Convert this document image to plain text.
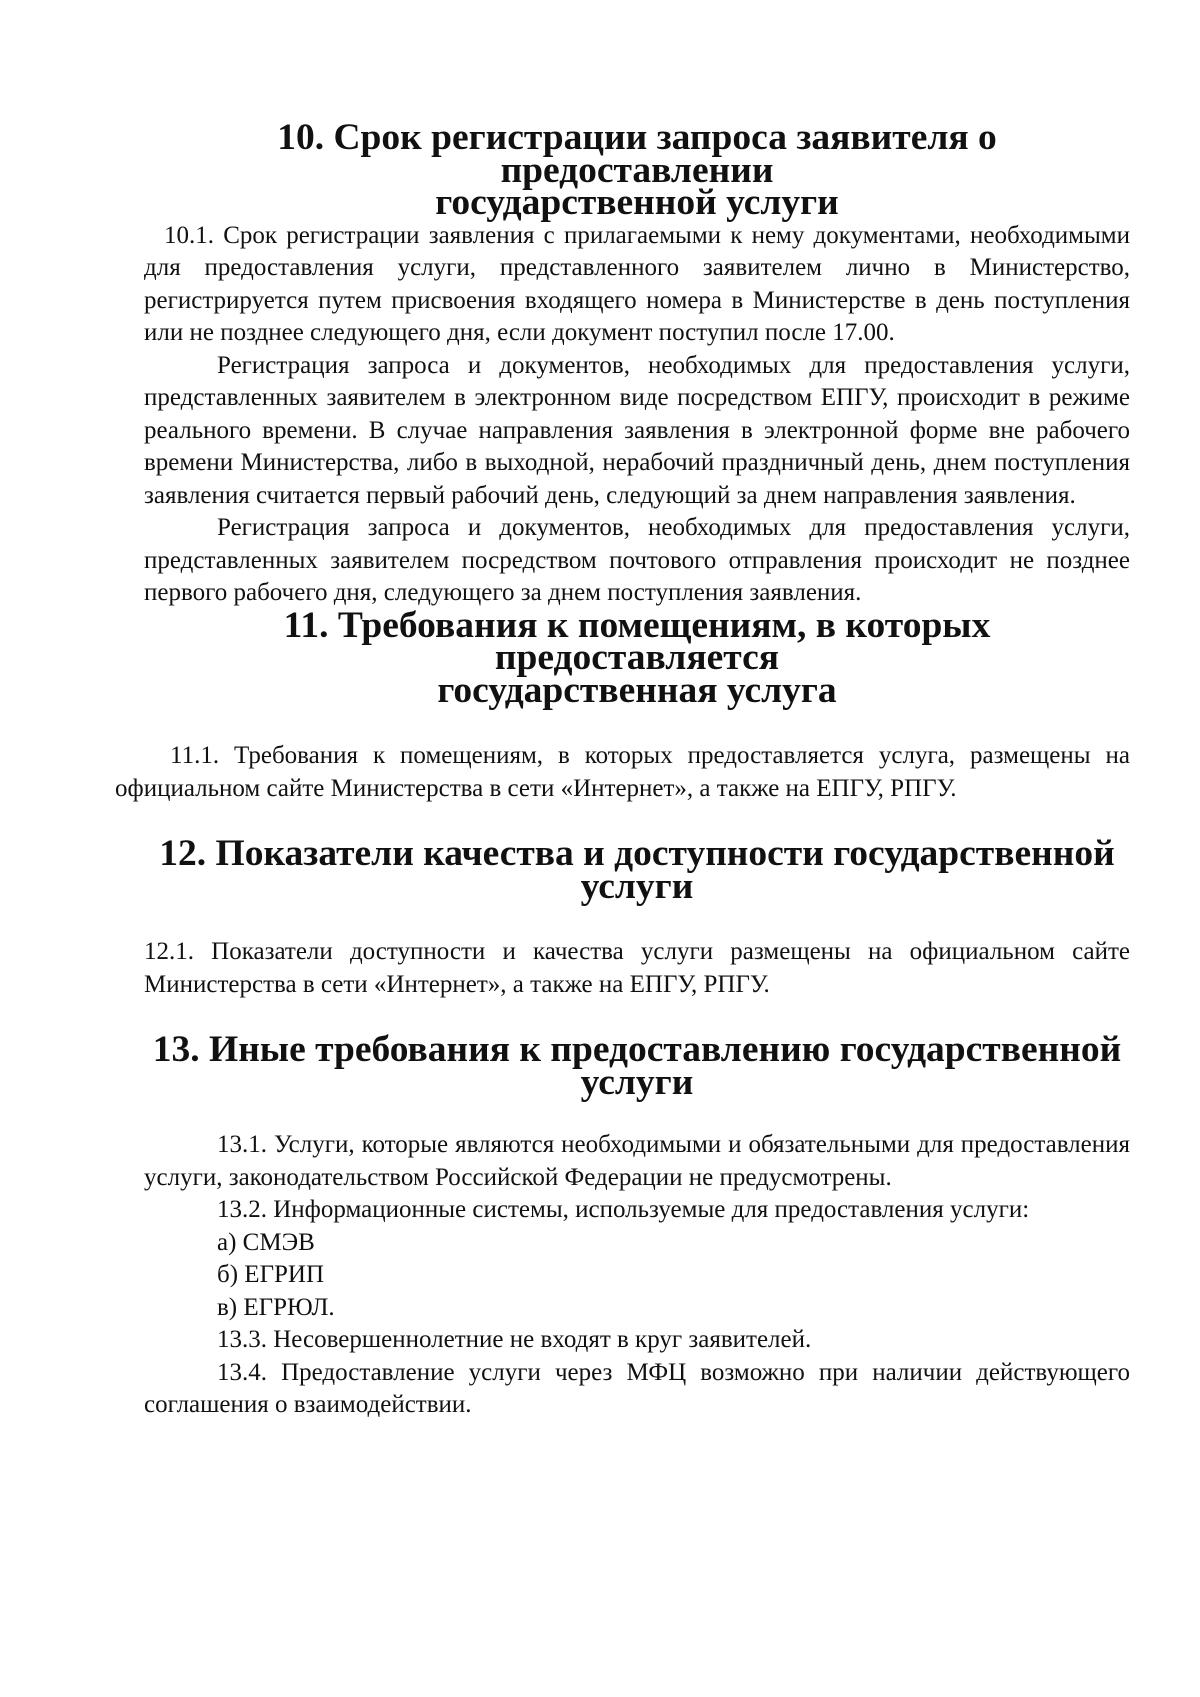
10. Срок регистрации запроса заявителя о предоставлении
государственной услуги

10.1. Срок регистрации заявления с прилагаемыми к нему документами, необходимыми для предоставления услуги, представленного заявителем лично в Министерство, регистрируется путем присвоения входящего номера в Министерстве в день поступления или не позднее следующего дня, если документ поступил после 17.00.

Регистрация запроса и документов, необходимых для предоставления услуги, представленных заявителем в электронном виде посредством ЕПГУ, происходит в режиме реального времени. В случае направления заявления в электронной форме вне рабочего времени Министерства, либо в выходной, нерабочий праздничный день, днем поступления заявления считается первый рабочий день, следующий за днем направления заявления.

Регистрация запроса и документов, необходимых для предоставления услуги, представленных заявителем посредством почтового отправления происходит не позднее первого рабочего дня, следующего за днем поступления заявления.

11. Требования к помещениям, в которых предоставляется
государственная услуга

11.1. Требования к помещениям, в которых предоставляется услуга, размещены на официальном сайте Министерства в сети «Интернет», а также на ЕПГУ, РПГУ.

12. Показатели качества и доступности государственной услуги

12.1. Показатели доступности и качества услуги размещены на официальном сайте Министерства в сети «Интернет», а также на ЕПГУ, РПГУ.

13. Иные требования к предоставлению государственной услуги

13.1. Услуги, которые являются необходимыми и обязательными для предоставления услуги, законодательством Российской Федерации не предусмотрены.

13.2. Информационные системы, используемые для предоставления услуги:

а) СМЭВ

б) ЕГРИП

в) ЕГРЮЛ.

13.3. Несовершеннолетние не входят в круг заявителей.

13.4. Предоставление услуги через МФЦ возможно при наличии действующего соглашения о взаимодействии.
